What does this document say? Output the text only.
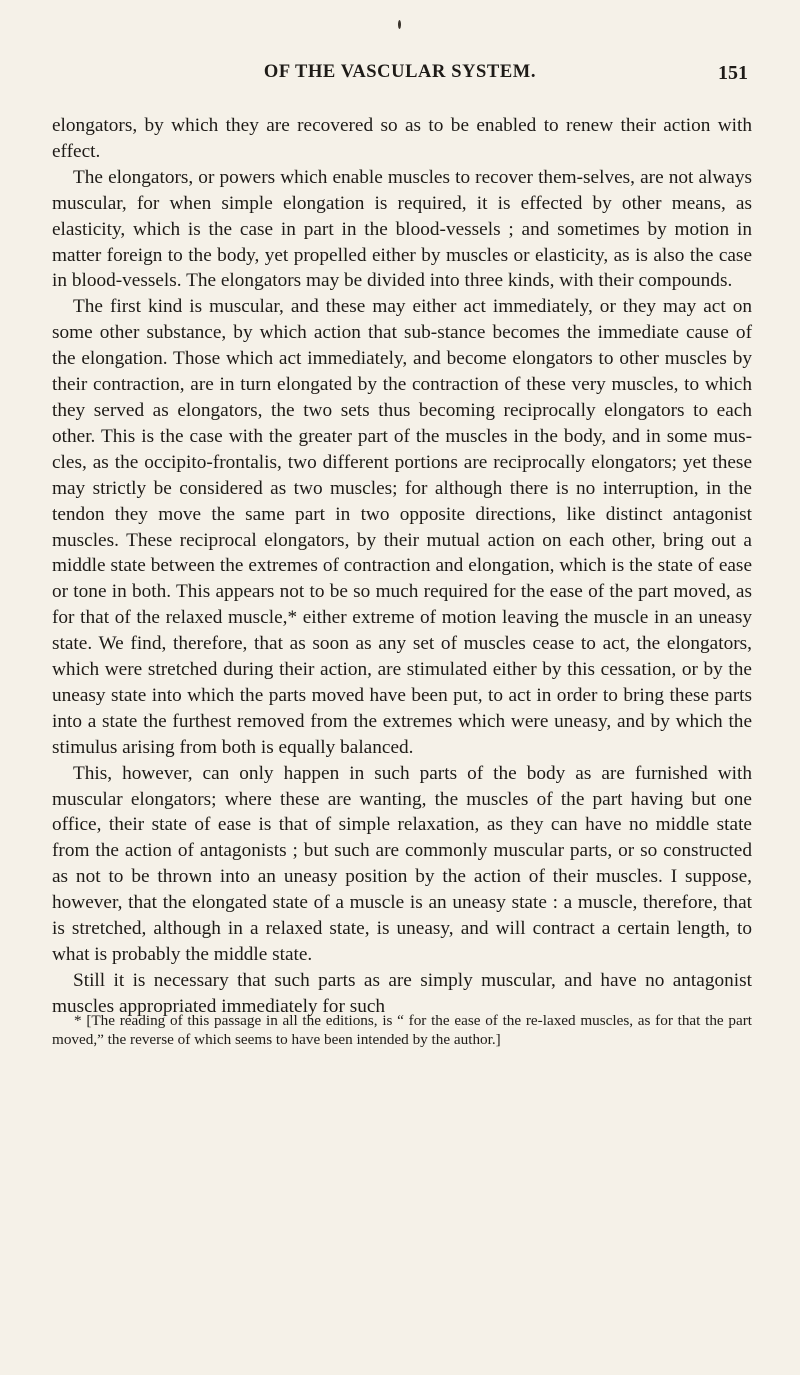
OF THE VASCULAR SYSTEM.	151

elongators, by which they are recovered so as to be enabled to renew their action with effect.

The elongators, or powers which enable muscles to recover them-selves, are not always muscular, for when simple elongation is required, it is effected by other means, as elasticity, which is the case in part in the blood-vessels ; and sometimes by motion in matter foreign to the body, yet propelled either by muscles or elasticity, as is also the case in blood-vessels. The elongators may be divided into three kinds, with their compounds.

The first kind is muscular, and these may either act immediately, or they may act on some other substance, by which action that sub-stance becomes the immediate cause of the elongation. Those which act immediately, and become elongators to other muscles by their contraction, are in turn elongated by the contraction of these very muscles, to which they served as elongators, the two sets thus becoming reciprocally elongators to each other. This is the case with the greater part of the muscles in the body, and in some mus-cles, as the occipito-frontalis, two different portions are reciprocally elongators; yet these may strictly be considered as two muscles; for although there is no interruption, in the tendon they move the same part in two opposite directions, like distinct antagonist muscles. These reciprocal elongators, by their mutual action on each other, bring out a middle state between the extremes of contraction and elongation, which is the state of ease or tone in both. This appears not to be so much required for the ease of the part moved, as for that of the relaxed muscle,* either extreme of motion leaving the muscle in an uneasy state. We find, therefore, that as soon as any set of muscles cease to act, the elongators, which were stretched during their action, are stimulated either by this cessation, or by the uneasy state into which the parts moved have been put, to act in order to bring these parts into a state the furthest removed from the extremes which were uneasy, and by which the stimulus arising from both is equally balanced.

This, however, can only happen in such parts of the body as are furnished with muscular elongators; where these are wanting, the muscles of the part having but one office, their state of ease is that of simple relaxation, as they can have no middle state from the action of antagonists ; but such are commonly muscular parts, or so constructed as not to be thrown into an uneasy position by the action of their muscles. I suppose, however, that the elongated state of a muscle is an uneasy state : a muscle, therefore, that is stretched, although in a relaxed state, is uneasy, and will contract a certain length, to what is probably the middle state.

Still it is necessary that such parts as are simply muscular, and have no antagonist muscles appropriated immediately for such

* [The reading of this passage in all the editions, is “ for the ease of the re-laxed muscles, as for that the part moved,” the reverse of which seems to have been intended by the author.]
